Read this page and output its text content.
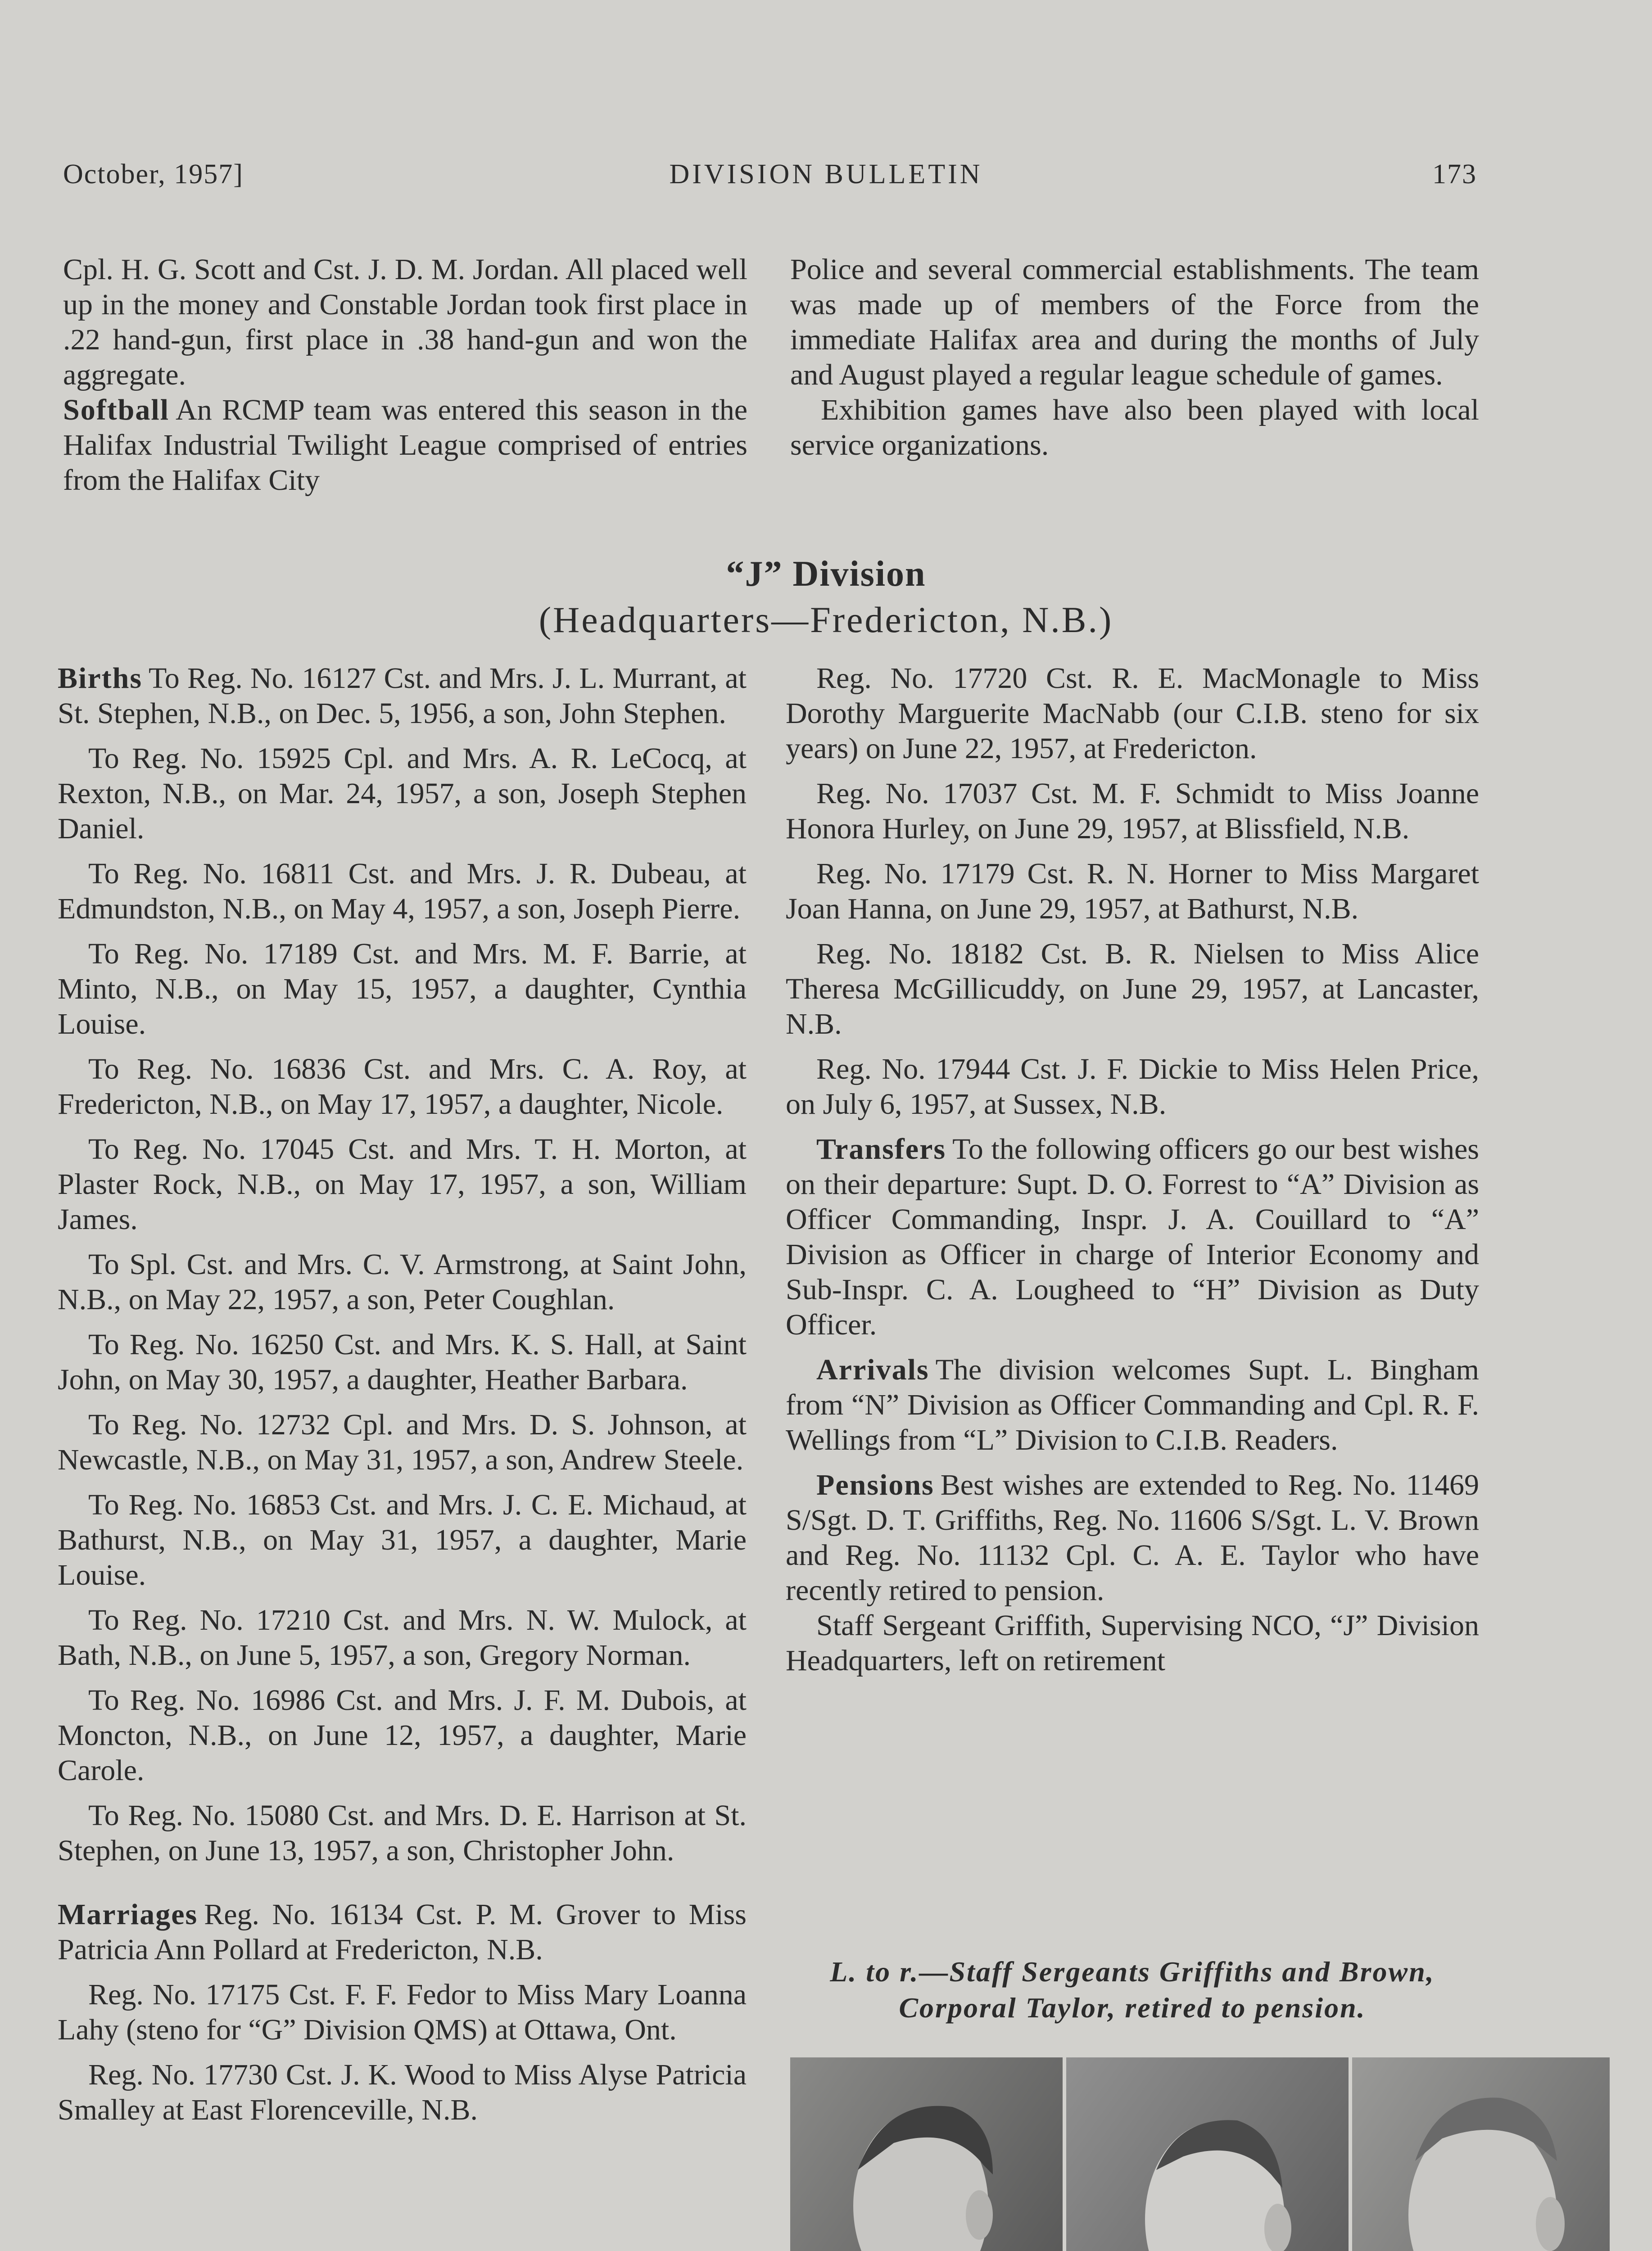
October, 1957]	DIVISION BULLETIN	173

Cpl. H. G. Scott and Cst. J. D. M. Jordan. All placed well up in the money and Constable Jordan took first place in .22 hand-gun, first place in .38 hand-gun and won the aggregate.

Softball An RCMP team was entered this season in the Halifax Industrial Twilight League comprised of entries from the Halifax City

Police and several commercial establishments. The team was made up of members of the Force from the immediate Halifax area and during the months of July and August played a regular league schedule of games.

Exhibition games have also been played with local service organizations.

“J” Division
(Headquarters—Fredericton, N.B.)

Births To Reg. No. 16127 Cst. and Mrs. J. L. Murrant, at St. Stephen, N.B., on Dec. 5, 1956, a son, John Stephen.

To Reg. No. 15925 Cpl. and Mrs. A. R. LeCocq, at Rexton, N.B., on Mar. 24, 1957, a son, Joseph Stephen Daniel.

To Reg. No. 16811 Cst. and Mrs. J. R. Dubeau, at Edmundston, N.B., on May 4, 1957, a son, Joseph Pierre.

To Reg. No. 17189 Cst. and Mrs. M. F. Barrie, at Minto, N.B., on May 15, 1957, a daughter, Cynthia Louise.

To Reg. No. 16836 Cst. and Mrs. C. A. Roy, at Fredericton, N.B., on May 17, 1957, a daughter, Nicole.

To Reg. No. 17045 Cst. and Mrs. T. H. Morton, at Plaster Rock, N.B., on May 17, 1957, a son, William James.

To Spl. Cst. and Mrs. C. V. Armstrong, at Saint John, N.B., on May 22, 1957, a son, Peter Coughlan.

To Reg. No. 16250 Cst. and Mrs. K. S. Hall, at Saint John, on May 30, 1957, a daughter, Heather Barbara.

To Reg. No. 12732 Cpl. and Mrs. D. S. Johnson, at Newcastle, N.B., on May 31, 1957, a son, Andrew Steele.

To Reg. No. 16853 Cst. and Mrs. J. C. E. Michaud, at Bathurst, N.B., on May 31, 1957, a daughter, Marie Louise.

To Reg. No. 17210 Cst. and Mrs. N. W. Mulock, at Bath, N.B., on June 5, 1957, a son, Gregory Norman.

To Reg. No. 16986 Cst. and Mrs. J. F. M. Dubois, at Moncton, N.B., on June 12, 1957, a daughter, Marie Carole.

To Reg. No. 15080 Cst. and Mrs. D. E. Harrison at St. Stephen, on June 13, 1957, a son, Christopher John.

Marriages Reg. No. 16134 Cst. P. M. Grover to Miss Patricia Ann Pollard at Fredericton, N.B.

Reg. No. 17175 Cst. F. F. Fedor to Miss Mary Loanna Lahy (steno for “G” Division QMS) at Ottawa, Ont.

Reg. No. 17730 Cst. J. K. Wood to Miss Alyse Patricia Smalley at East Florenceville, N.B.

Reg. No. 17720 Cst. R. E. MacMonagle to Miss Dorothy Marguerite MacNabb (our C.I.B. steno for six years) on June 22, 1957, at Fredericton.

Reg. No. 17037 Cst. M. F. Schmidt to Miss Joanne Honora Hurley, on June 29, 1957, at Blissfield, N.B.

Reg. No. 17179 Cst. R. N. Horner to Miss Margaret Joan Hanna, on June 29, 1957, at Bathurst, N.B.

Reg. No. 18182 Cst. B. R. Nielsen to Miss Alice Theresa McGillicuddy, on June 29, 1957, at Lancaster, N.B.

Reg. No. 17944 Cst. J. F. Dickie to Miss Helen Price, on July 6, 1957, at Sussex, N.B.

Transfers To the following officers go our best wishes on their departure: Supt. D. O. Forrest to “A” Division as Officer Commanding, Inspr. J. A. Couillard to “A” Division as Officer in charge of Interior Economy and Sub-Inspr. C. A. Lougheed to “H” Division as Duty Officer.

Arrivals The division welcomes Supt. L. Bingham from “N” Division as Officer Commanding and Cpl. R. F. Wellings from “L” Division to C.I.B. Readers.

Pensions Best wishes are extended to Reg. No. 11469 S/Sgt. D. T. Griffiths, Reg. No. 11606 S/Sgt. L. V. Brown and Reg. No. 11132 Cpl. C. A. E. Taylor who have recently retired to pension.

Staff Sergeant Griffith, Supervising NCO, “J” Division Headquarters, left on retirement

L. to r.—Staff Sergeants Griffiths and Brown, Corporal Taylor, retired to pension.
